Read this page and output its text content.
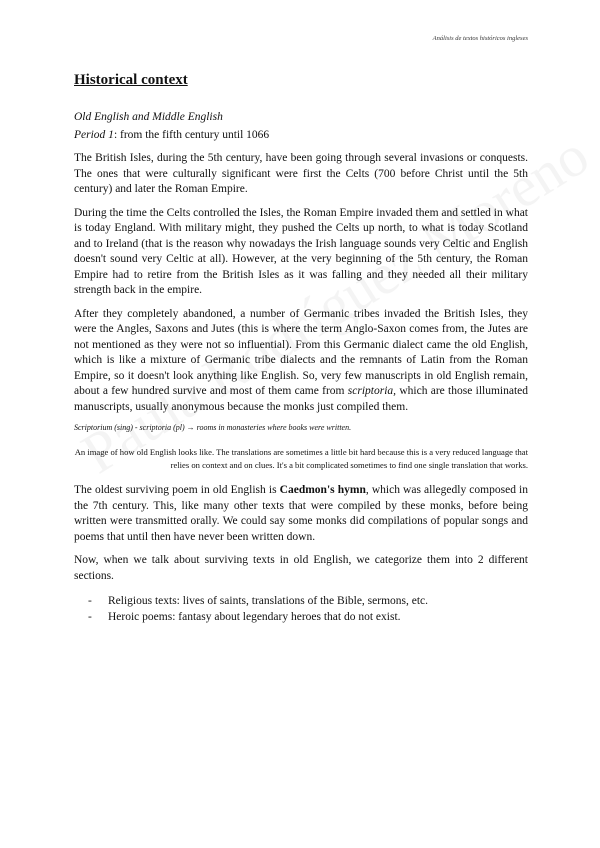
Análisis de textos históricos ingleses
Historical context
Old English and Middle English
Period 1: from the fifth century until 1066

The British Isles, during the 5th century, have been going through several invasions or conquests. The ones that were culturally significant were first the Celts (700 before Christ until the 5th century) and later the Roman Empire.

During the time the Celts controlled the Isles, the Roman Empire invaded them and settled in what is today England. With military might, they pushed the Celts up north, to what is today Scotland and to Ireland (that is the reason why nowadays the Irish language sounds very Celtic and English doesn't sound very Celtic at all). However, at the very beginning of the 5th century, the Roman Empire had to retire from the British Isles as it was falling and they needed all their military strength back in the empire.

After they completely abandoned, a number of Germanic tribes invaded the British Isles, they were the Angles, Saxons and Jutes (this is where the term Anglo-Saxon comes from, the Jutes are not mentioned as they were not so influential). From this Germanic dialect came the old English, which is like a mixture of Germanic tribe dialects and the remnants of Latin from the Roman Empire, so it doesn't look anything like English. So, very few manuscripts in old English remain, about a few hundred survive and most of them came from scriptoria, which are those illuminated manuscripts, usually anonymous because the monks just compiled them.

Scriptorium (sing) - scriptoria (pl) → rooms in monasteries where books were written.
An image of how old English looks like. The translations are sometimes a little bit hard because this is a very reduced language that relies on context and on clues. It's a bit complicated sometimes to find one single translation that works.

The oldest surviving poem in old English is Caedmon's hymn, which was allegedly composed in the 7th century. This, like many other texts that were compiled by these monks, before being written were transmitted orally. We could say some monks did compilations of popular songs and poems that until then have never been written down.

Now, when we talk about surviving texts in old English, we categorize them into 2 different sections.

-	Religious texts: lives of saints, translations of the Bible, sermons, etc.
-	Heroic poems: fantasy about legendary heroes that do not exist.
